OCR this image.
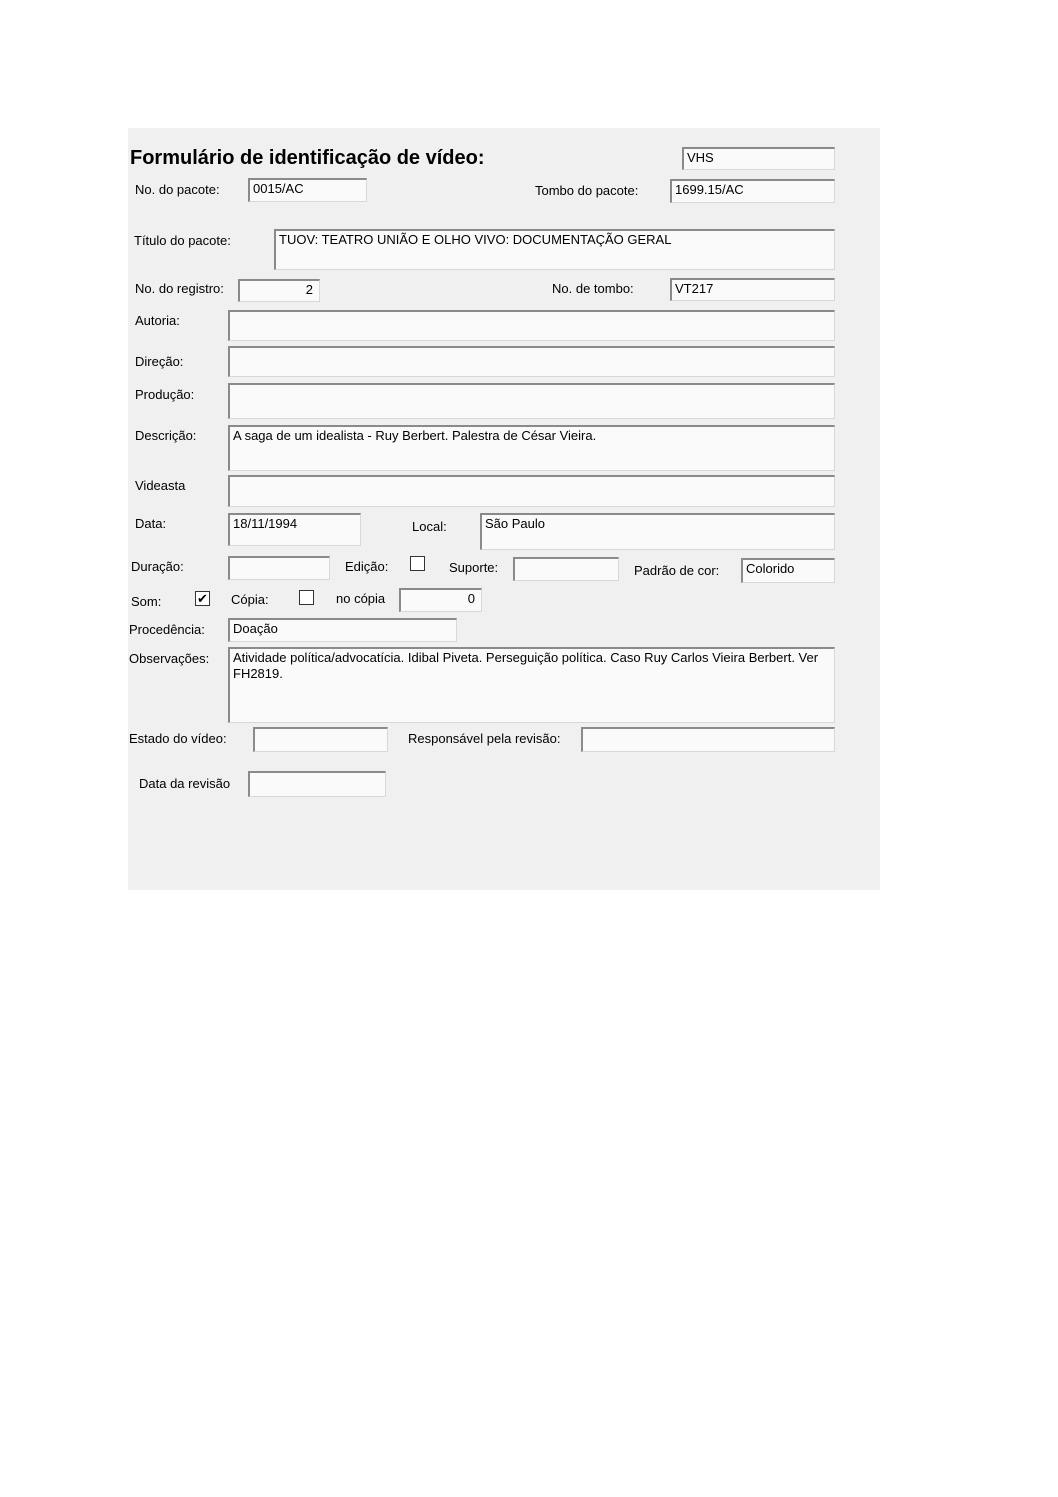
Formulário de identificação de vídeo:	VHS
No. do pacote:	0015/AC	Tombo do pacote:	1699.15/AC
Título do pacote:	TUOV: TEATRO UNIÃO E OLHO VIVO: DOCUMENTAÇÃO GERAL
No. do registro:	2	No. de tombo:	VT217
Autoria:
Direção:
Produção:
Descrição:	A saga de um idealista - Ruy Berbert. Palestra de César Vieira.
Videasta
Data:	18/11/1994	Local:	São Paulo
Duração:	Edição:	Suporte:	Padrão de cor:	Colorido
Som:	✔ Cópia:	no cópia	0
Procedência:	Doação
Observações:	Atividade política/advocatícia. Idibal Piveta. Perseguição política. Caso Ruy Carlos Vieira Berbert. Ver FH2819.
Estado do vídeo:	Responsável pela revisão:
Data da revisão
